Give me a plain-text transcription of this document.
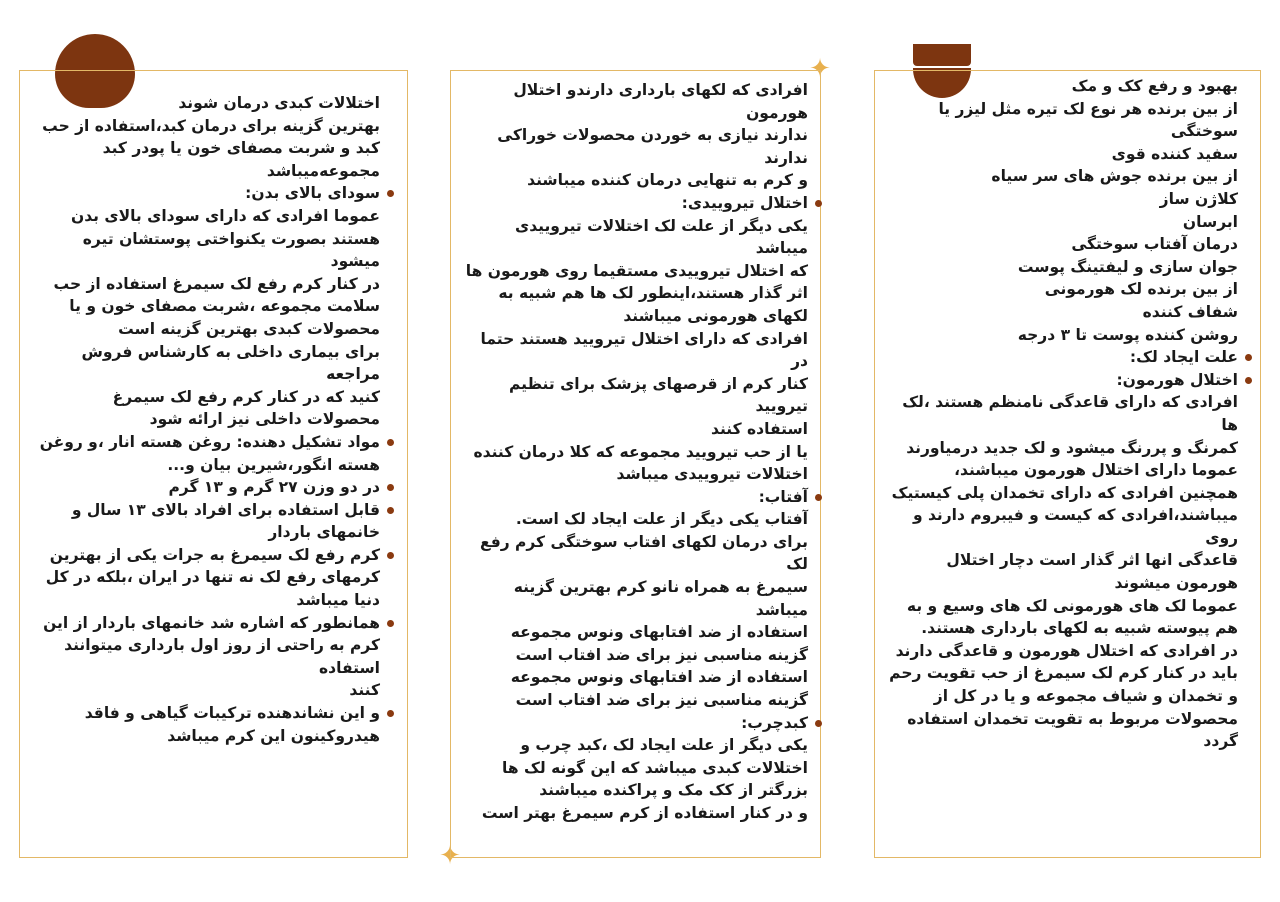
✦
✦
اختلالات کبدی درمان شوند
بهترین گزینه برای درمان کبد،استفاده از حب
کبد و شربت مصفای خون یا پودر کبد
مجموعه‌میباشد
سودای بالای بدن:
عموما افرادی که دارای سودای بالای بدن
هستند بصورت یکنواختی پوستشان تیره میشود
در کنار کرم رفع لک سیمرغ استفاده از حب
سلامت مجموعه ،شربت مصفای خون و یا
محصولات کبدی بهترین گزینه است
برای بیماری داخلی به کارشناس فروش مراجعه
کنید که در کنار کرم رفع لک سیمرغ
محصولات داخلی نیز ارائه شود
مواد تشکیل دهنده: روغن هسته انار ،و روغن
هسته انگور،شیرین بیان و...
در دو وزن ۲۷ گرم و ۱۳ گرم
قابل استفاده برای افراد بالای ۱۳ سال و
خانمهای باردار
کرم رفع لک سیمرغ به جرات یکی از بهترین
کرمهای رفع لک نه تنها در ایران ،بلکه در کل
دنیا میباشد
همانطور که اشاره شد خانمهای باردار از این
کرم به راحتی از روز اول بارداری میتوانند استفاده
کنند
و این نشاندهنده ترکیبات گیاهی و فاقد
هیدروکینون این کرم میباشد
افرادی که لکهای بارداری دارندو اختلال هورمون
ندارند نیازی به خوردن محصولات خوراکی ندارند
و کرم به تنهایی درمان کننده میباشند
اختلال تیروییدی:
یکی دیگر از علت لک اختلالات تیروییدی
میباشد
که اختلال تیروییدی مستقیما روی هورمون ها
اثر گذار هستند،اینطور لک ها هم شبیه به
لکهای هورمونی میباشند
افرادی که دارای اختلال تیرویید هستند حتما در
کنار کرم از قرصهای پزشک برای تنظیم تیرویید
استفاده کنند
یا از حب تیرویید مجموعه که کلا درمان کننده
اختلالات تیروییدی میباشد
آفتاب:
آفتاب یکی دیگر از علت ایجاد لک است.
برای درمان لکهای افتاب سوختگی کرم رفع لک
سیمرغ به همراه نانو کرم بهترین گزینه میباشد
استفاده از ضد افتابهای ونوس مجموعه
گزینه مناسبی نیز برای ضد افتاب است
استفاده از ضد افتابهای ونوس مجموعه
گزینه مناسبی نیز برای ضد افتاب است
کبدچرب:
یکی دیگر از علت ایجاد لک ،کبد چرب و
اختلالات کبدی میباشد که این گونه لک ها
بزرگتر از کک مک و پراکنده میباشند
و در کنار استفاده از کرم سیمرغ بهتر است
بهبود و رفع کک و مک
از بین برنده هر نوع لک تیره مثل لیزر یا
سوختگی
سفید کننده قوی
از بین برنده جوش های سر سیاه
کلاژن ساز
ابرسان
درمان آفتاب سوختگی
جوان سازی و لیفتینگ پوست
از بین برنده لک هورمونی
شفاف کننده
روشن کننده پوست تا ۳ درجه
علت ایجاد لک:
اختلال هورمون:
افرادی که دارای قاعدگی نامنظم هستند ،لک ها
کمرنگ و پررنگ میشود و لک جدید درمیاورند
عموما دارای اختلال هورمون میباشند،
همچنین افرادی که دارای تخمدان پلی کیستیک
میباشند،افرادی که کیست و فیبروم دارند و روی
قاعدگی انها اثر گذار است دچار اختلال
هورمون میشوند
عموما لک های هورمونی لک های وسیع و به
هم پیوسته شبیه به لکهای بارداری هستند.
در افرادی که اختلال هورمون و قاعدگی دارند
باید در کنار کرم لک سیمرغ از حب تقویت رحم
و تخمدان و شیاف مجموعه و یا در کل از
محصولات مربوط به تقویت تخمدان استفاده
گردد
